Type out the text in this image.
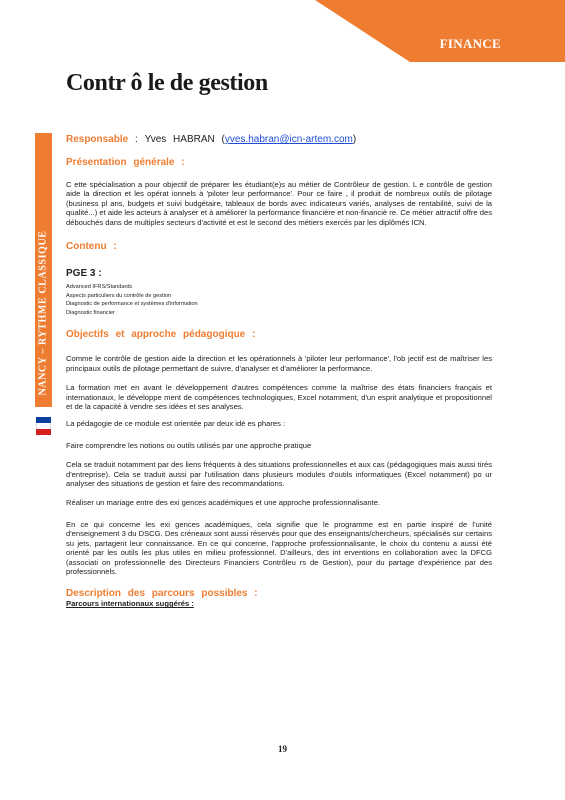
FINANCE
Contr ô le de gestion
NANCY – RYTHME CLASSIQUE

Responsable : Yves HABRAN (yves.habran@icn-artem.com)

Présentation générale :

C ette spécialisation a pour objectif de préparer les étudiant(e)s au métier de Contrôleur de gestion. L e contrôle de gestion aide la direction et les opérat ionnels à 'piloter leur performance'. Pour ce faire , il produit de nombreux outils de pilotage (business pl ans, budgets et suivi budgétaire, tableaux de bords avec indicateurs variés, analyses de rentabilité, suivi de la qualité...) et aide les acteurs à analyser et à améliorer la performance financière et non-financiè re. Ce métier attractif offre des débouchés dans de multiples secteurs d'activité et est le second des métiers exercés par les diplômés ICN.

Contenu :

PGE 3 :

Advanced IFRS/Standards

Aspects particuliers du contrôle de gestion

Diagnostic de performance et systèmes d'information

Diagnostic financier

Objectifs et approche pédagogique :

Comme le contrôle de gestion aide la direction et les opérationnels à 'piloter leur performance', l'ob jectif est de maîtriser les principaux outils de pilotage permettant de suivre, d'analyser et d'améliorer la performance.

La formation met en avant le développement d'autres compétences comme la maîtrise des états financiers français et internationaux, le développe ment de compétences technologiques, Excel notamment, d'un esprit analytique et propositionnel et de la capacité à vendre ses idées et ses analyses.

La pédagogie de ce module est orientée par deux idé es phares :

Faire comprendre les notions ou outils utilisés par une approche pratique

Cela se traduit notamment par des liens fréquents à des situations professionnelles et aux cas (pédagogiques mais aussi tirés d'entreprise). Cela se traduit aussi par l'utilisation dans plusieurs modules d'outils informatiques (Excel notamment) po ur analyser des situations de gestion et faire des recommandations.

Réaliser un mariage entre des exi gences académiques et une approche professionnalisante.

En ce qui concerne les exi gences académiques, cela signifie que le programme est en partie inspiré de l'unité d'enseignement 3 du DSCG. Des créneaux sont aussi réservés pour que des enseignants/chercheurs, spécialisés sur certains su jets, partagent leur connaissance. En ce qui concerne, l'approche professionnalisante, le choix du contenu a aussi été orienté par les outils les plus utiles en milieu professionnel. D'ailleurs, des int erventions en collaboration avec la DFCG (associati on professionnelle des Directeurs Financiers Contrôleu rs de Gestion), pour du partage d'expérience par des professionnels.

Description des parcours possibles :

Parcours internationaux suggérés :

19
